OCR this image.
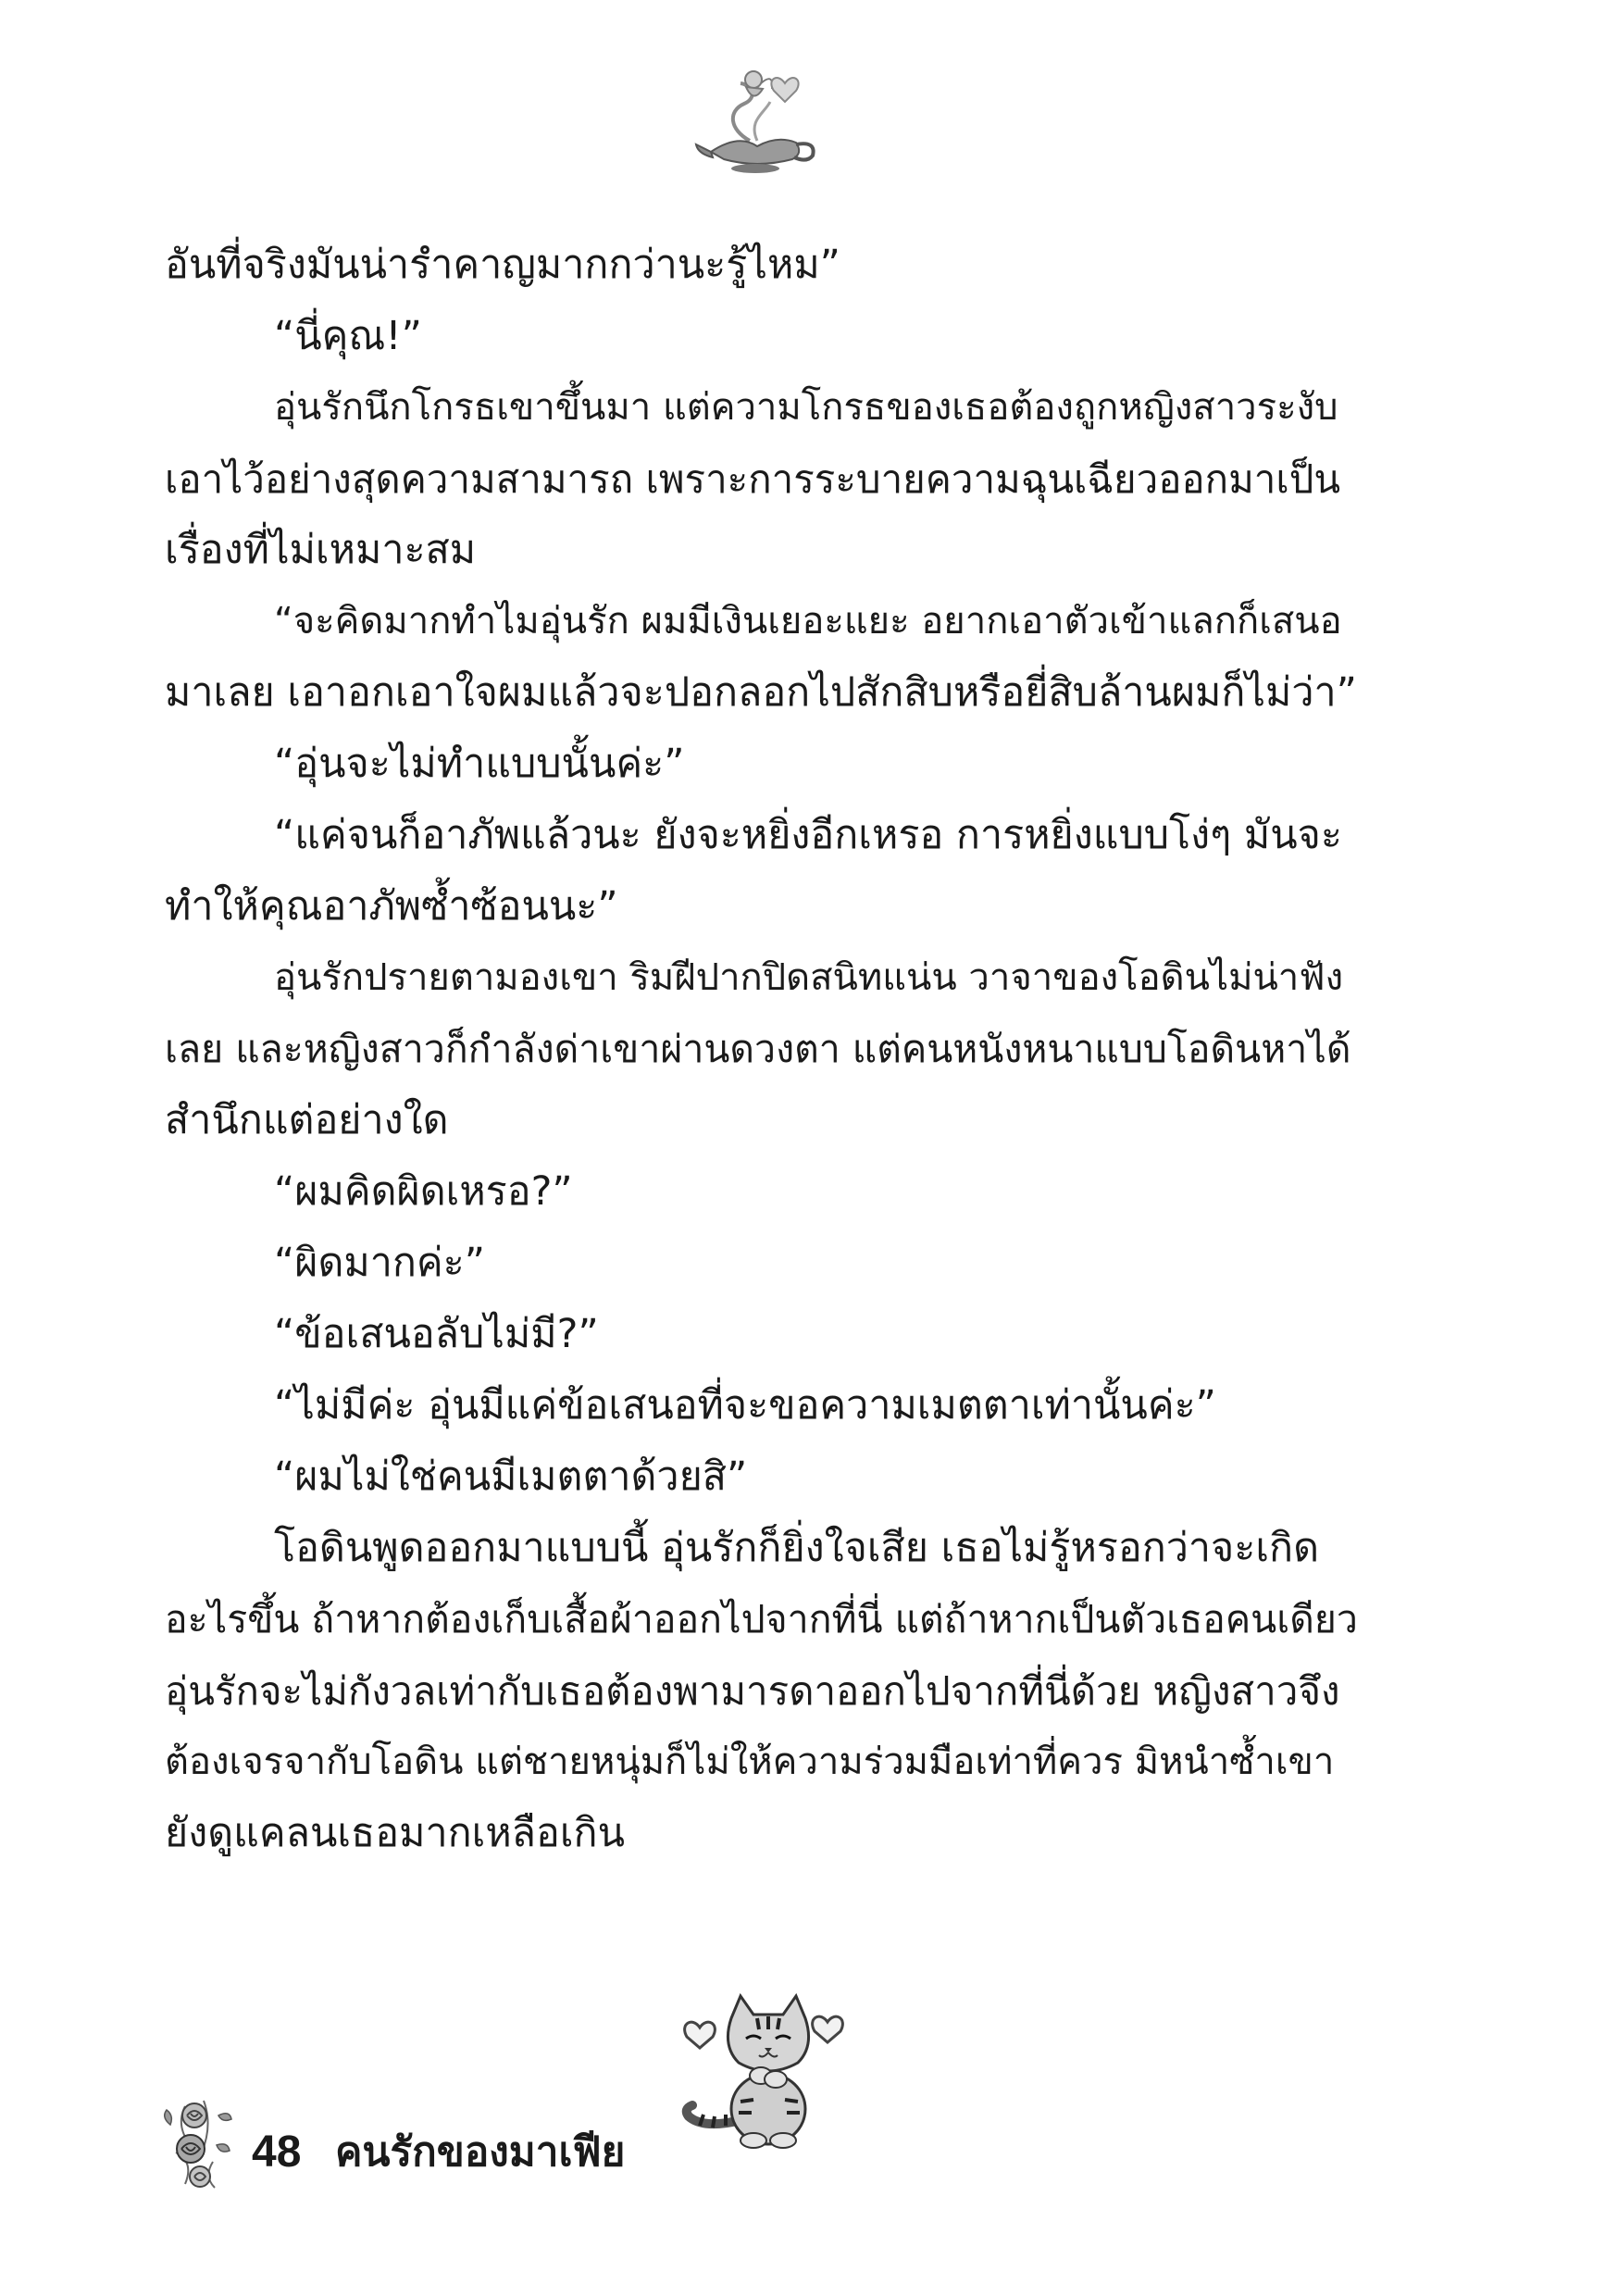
อันที่จริงมันน่ารำคาญมากกว่านะรู้ไหม”
“นี่คุณ!”
อุ่นรักนึกโกรธเขาขึ้นมา แต่ความโกรธของเธอต้องถูกหญิงสาวระงับ
เอาไว้อย่างสุดความสามารถ เพราะการระบายความฉุนเฉียวออกมาเป็น
เรื่องที่ไม่เหมาะสม
“จะคิดมากทำไมอุ่นรัก ผมมีเงินเยอะแยะ อยากเอาตัวเข้าแลกก็เสนอ
มาเลย เอาอกเอาใจผมแล้วจะปอกลอกไปสักสิบหรือยี่สิบล้านผมก็ไม่ว่า”
“อุ่นจะไม่ทำแบบนั้นค่ะ”
“แค่จนก็อาภัพแล้วนะ ยังจะหยิ่งอีกเหรอ การหยิ่งแบบโง่ๆ มันจะ
ทำให้คุณอาภัพซ้ำซ้อนนะ”
อุ่นรักปรายตามองเขา ริมฝีปากปิดสนิทแน่น วาจาของโอดินไม่น่าฟัง
เลย และหญิงสาวก็กำลังด่าเขาผ่านดวงตา แต่คนหนังหนาแบบโอดินหาได้
สำนึกแต่อย่างใด
“ผมคิดผิดเหรอ?”
“ผิดมากค่ะ”
“ข้อเสนอลับไม่มี?”
“ไม่มีค่ะ อุ่นมีแค่ข้อเสนอที่จะขอความเมตตาเท่านั้นค่ะ”
“ผมไม่ใช่คนมีเมตตาด้วยสิ”
โอดินพูดออกมาแบบนี้ อุ่นรักก็ยิ่งใจเสีย เธอไม่รู้หรอกว่าจะเกิด
อะไรขึ้น ถ้าหากต้องเก็บเสื้อผ้าออกไปจากที่นี่ แต่ถ้าหากเป็นตัวเธอคนเดียว
อุ่นรักจะไม่กังวลเท่ากับเธอต้องพามารดาออกไปจากที่นี่ด้วย หญิงสาวจึง
ต้องเจรจากับโอดิน แต่ชายหนุ่มก็ไม่ให้ความร่วมมือเท่าที่ควร มิหนำซ้ำเขา
ยังดูแคลนเธอมากเหลือเกิน
48 คนรักของมาเฟีย
